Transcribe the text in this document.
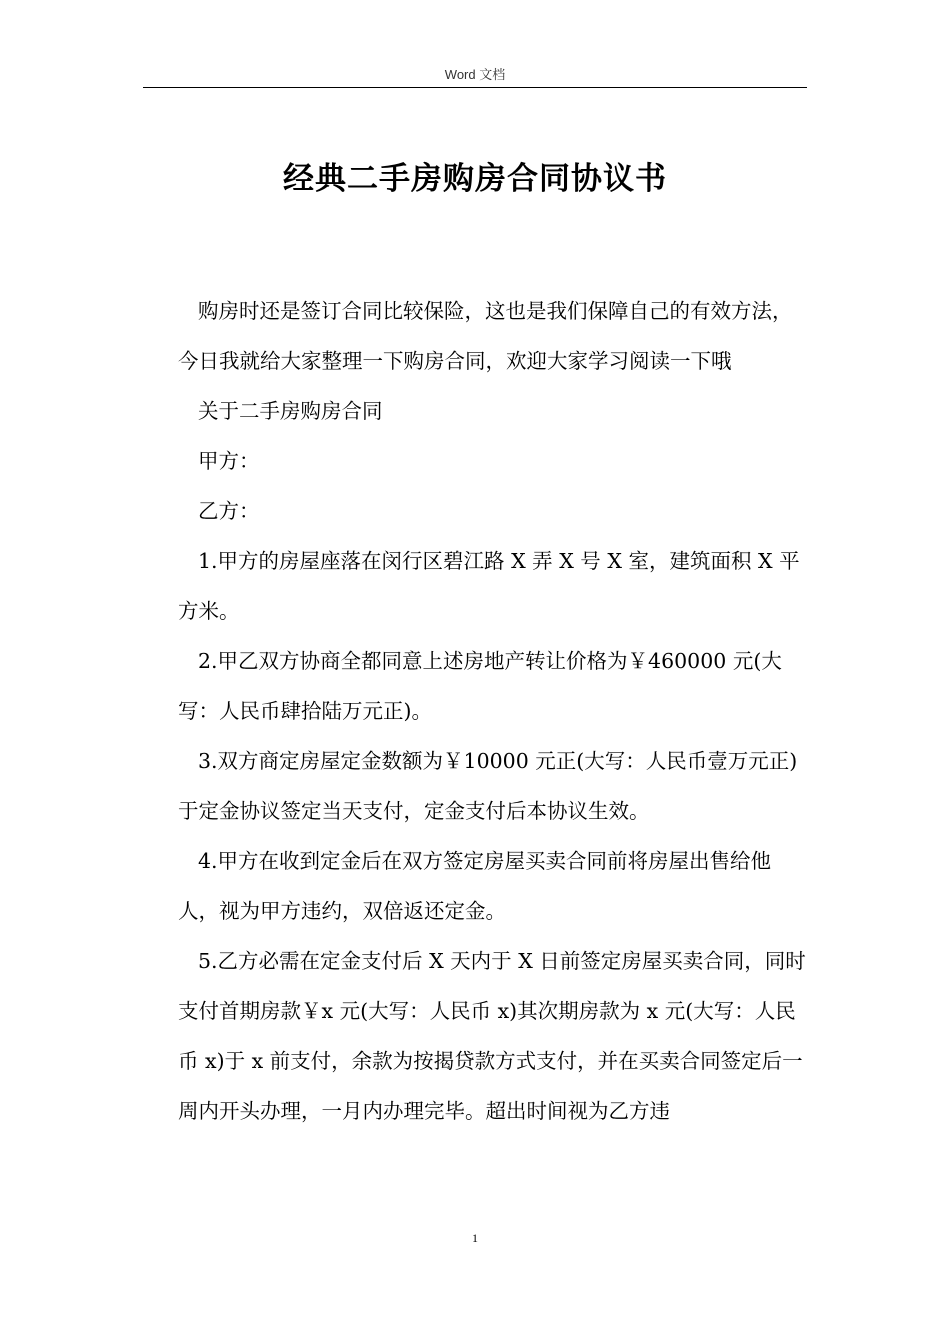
Word 文档
经典二手房购房合同协议书

购房时还是签订合同比较保险，这也是我们保障自己的有效方法，今日我就给大家整理一下购房合同，欢迎大家学习阅读一下哦

关于二手房购房合同

甲方：

乙方：

1.甲方的房屋座落在闵行区碧江路 X 弄 X 号 X 室，建筑面积 X 平方米。

2.甲乙双方协商全都同意上述房地产转让价格为￥460000 元(大写：人民币肆拾陆万元正)。

3.双方商定房屋定金数额为￥10000 元正(大写：人民币壹万元正)于定金协议签定当天支付，定金支付后本协议生效。

4.甲方在收到定金后在双方签定房屋买卖合同前将房屋出售给他人，视为甲方违约，双倍返还定金。

5.乙方必需在定金支付后 X 天内于 X 日前签定房屋买卖合同，同时支付首期房款￥x 元(大写：人民币 x)其次期房款为 x 元(大写：人民币 x)于 x 前支付，余款为按揭贷款方式支付，并在买卖合同签定后一周内开头办理，一月内办理完毕。超出时间视为乙方违

1
